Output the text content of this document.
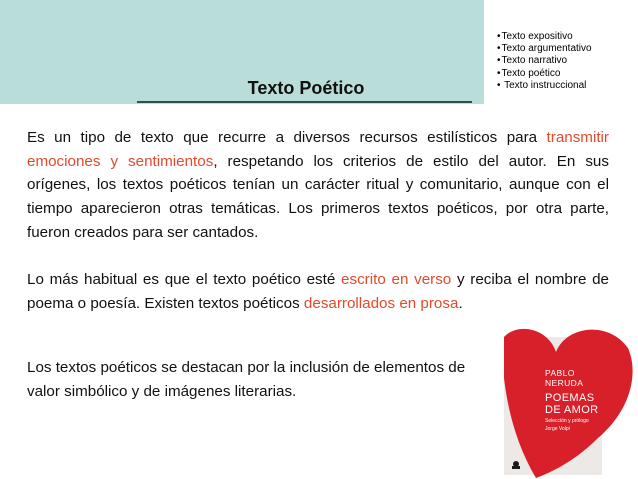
• Texto expositivo
• Texto argumentativo
• Texto narrativo
• Texto poético
• Texto instruccional
Texto Poético

Es un tipo de texto que recurre a diversos recursos estilísticos para transmitir emociones y sentimientos, respetando los criterios de estilo del autor. En sus orígenes, los textos poéticos tenían un carácter ritual y comunitario, aunque con el tiempo aparecieron otras temáticas. Los primeros textos poéticos, por otra parte, fueron creados para ser cantados.

Lo más habitual es que el texto poético esté escrito en verso y reciba el nombre de poema o poesía. Existen textos poéticos desarrollados en prosa.

Los textos poéticos se destacan por la inclusión de elementos de valor simbólico y de imágenes literarias.

PABLO
NERUDA
POEMAS
DE AMOR
Selección y prólogo
Jorge Volpi
